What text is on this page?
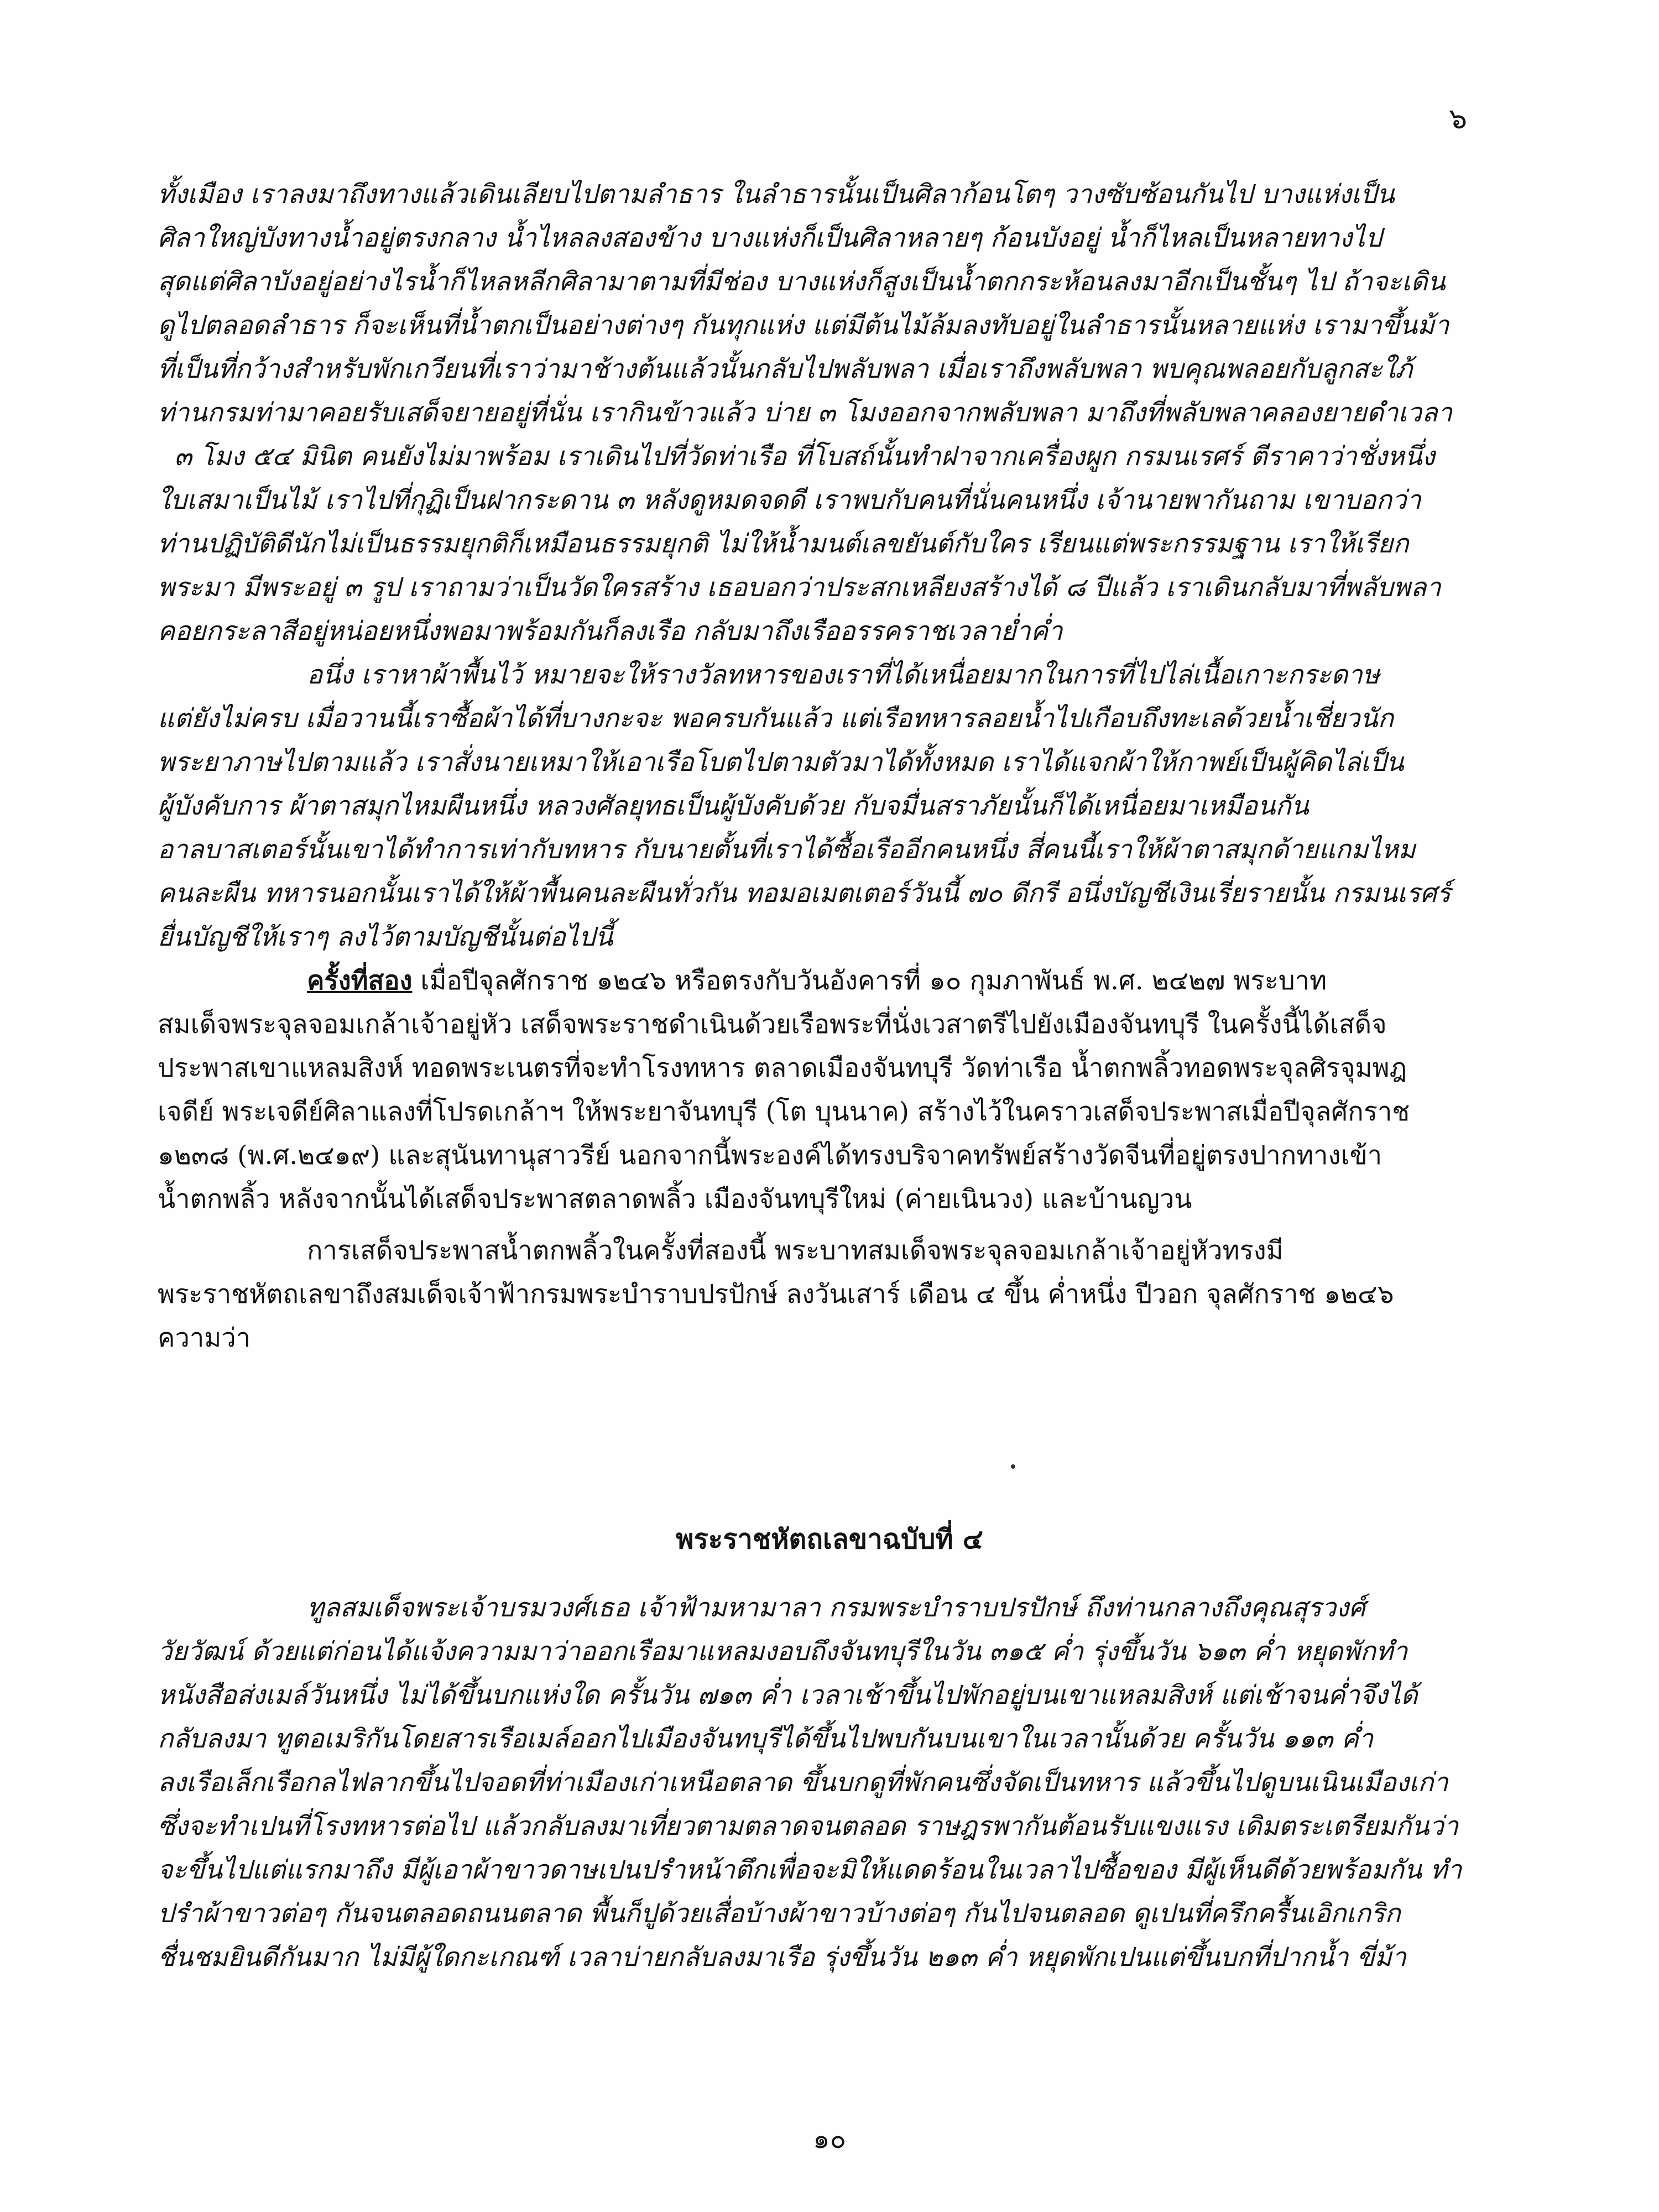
๖
ทั้งเมือง เราลงมาถึงทางแล้วเดินเลียบไปตามลำธาร ในลำธารนั้นเป็นศิลาก้อนโตๆ วางซับซ้อนกันไป บางแห่งเป็น
ศิลาใหญ่บังทางน้ำอยู่ตรงกลาง น้ำไหลลงสองข้าง บางแห่งก็เป็นศิลาหลายๆ ก้อนบังอยู่ น้ำก็ไหลเป็นหลายทางไป
สุดแต่ศิลาบังอยู่อย่างไรน้ำก็ไหลหลีกศิลามาตามที่มีช่อง บางแห่งก็สูงเป็นน้ำตกกระห้อนลงมาอีกเป็นชั้นๆ ไป ถ้าจะเดิน
ดูไปตลอดลำธาร ก็จะเห็นที่น้ำตกเป็นอย่างต่างๆ กันทุกแห่ง แต่มีต้นไม้ล้มลงทับอยู่ในลำธารนั้นหลายแห่ง เรามาขึ้นม้า
ที่เป็นที่กว้างสำหรับพักเกวียนที่เราว่ามาช้างต้นแล้วนั้นกลับไปพลับพลา เมื่อเราถึงพลับพลา พบคุณพลอยกับลูกสะใภ้
ท่านกรมท่ามาคอยรับเสด็จยายอยู่ที่นั่น เรากินข้าวแล้ว บ่าย ๓ โมงออกจากพลับพลา มาถึงที่พลับพลาคลองยายดำเวลา
๓ โมง ๕๔ มินิต คนยังไม่มาพร้อม เราเดินไปที่วัดท่าเรือ ที่โบสถ์นั้นทำฝาจากเครื่องผูก กรมนเรศร์ ตีราคาว่าชั่งหนึ่ง
ใบเสมาเป็นไม้ เราไปที่กุฏิเป็นฝากระดาน ๓ หลังดูหมดจดดี เราพบกับคนที่นั่นคนหนึ่ง เจ้านายพากันถาม เขาบอกว่า
ท่านปฏิบัติดีนักไม่เป็นธรรมยุกติก็เหมือนธรรมยุกติ ไม่ให้น้ำมนต์เลขยันต์กับใคร เรียนแต่พระกรรมฐาน เราให้เรียก
พระมา มีพระอยู่ ๓ รูป เราถามว่าเป็นวัดใครสร้าง เธอบอกว่าประสกเหลียงสร้างได้ ๘ ปีแล้ว เราเดินกลับมาที่พลับพลา
คอยกระลาสีอยู่หน่อยหนึ่งพอมาพร้อมกันก็ลงเรือ กลับมาถึงเรืออรรคราชเวลาย่ำค่ำ
อนึ่ง เราหาผ้าพื้นไว้ หมายจะให้รางวัลทหารของเราที่ได้เหนื่อยมากในการที่ไปไล่เนื้อเกาะกระดาษ
แต่ยังไม่ครบ เมื่อวานนี้เราซื้อผ้าได้ที่บางกะจะ พอครบกันแล้ว แต่เรือทหารลอยน้ำไปเกือบถึงทะเลด้วยน้ำเชี่ยวนัก
พระยาภาษไปตามแล้ว เราสั่งนายเหมาให้เอาเรือโบตไปตามตัวมาได้ทั้งหมด เราได้แจกผ้าให้กาพย์เป็นผู้คิดไล่เป็น
ผู้บังคับการ ผ้าตาสมุกไหมผืนหนึ่ง หลวงศัลยุทธเป็นผู้บังคับด้วย กับจมื่นสราภัยนั้นก็ได้เหนื่อยมาเหมือนกัน
อาลบาสเตอร์นั้นเขาได้ทำการเท่ากับทหาร กับนายตั้นที่เราได้ซื้อเรืออีกคนหนึ่ง สี่คนนี้เราให้ผ้าตาสมุกด้ายแกมไหม
คนละผืน ทหารนอกนั้นเราได้ให้ผ้าพื้นคนละผืนทั่วกัน ทอมอเมตเตอร์วันนี้ ๗๐ ดีกรี อนึ่งบัญชีเงินเรี่ยรายนั้น กรมนเรศร์
ยื่นบัญชีให้เราๆ ลงไว้ตามบัญชีนั้นต่อไปนี้
ครั้งที่สอง เมื่อปีจุลศักราช ๑๒๔๖ หรือตรงกับวันอังคารที่ ๑๐ กุมภาพันธ์ พ.ศ. ๒๔๒๗ พระบาท
สมเด็จพระจุลจอมเกล้าเจ้าอยู่หัว เสด็จพระราชดำเนินด้วยเรือพระที่นั่งเวสาตรีไปยังเมืองจันทบุรี ในครั้งนี้ได้เสด็จ
ประพาสเขาแหลมสิงห์ ทอดพระเนตรที่จะทำโรงทหาร ตลาดเมืองจันทบุรี วัดท่าเรือ น้ำตกพลิ้วทอดพระจุลศิรจุมพฎ
เจดีย์ พระเจดีย์ศิลาแลงที่โปรดเกล้าฯ ให้พระยาจันทบุรี (โต บุนนาค) สร้างไว้ในคราวเสด็จประพาสเมื่อปีจุลศักราช
๑๒๓๘ (พ.ศ.๒๔๑๙) และสุนันทานุสาวรีย์ นอกจากนี้พระองค์ได้ทรงบริจาคทรัพย์สร้างวัดจีนที่อยู่ตรงปากทางเข้า
น้ำตกพลิ้ว หลังจากนั้นได้เสด็จประพาสตลาดพลิ้ว เมืองจันทบุรีใหม่ (ค่ายเนินวง) และบ้านญวน
การเสด็จประพาสน้ำตกพลิ้วในครั้งที่สองนี้ พระบาทสมเด็จพระจุลจอมเกล้าเจ้าอยู่หัวทรงมี
พระราชหัตถเลขาถึงสมเด็จเจ้าฟ้ากรมพระบำราบปรปักษ์ ลงวันเสาร์ เดือน ๔ ขึ้น ค่ำหนึ่ง ปีวอก จุลศักราช ๑๒๔๖
ความว่า
พระราชหัตถเลขาฉบับที่ ๔
ทูลสมเด็จพระเจ้าบรมวงศ์เธอ เจ้าฟ้ามหามาลา กรมพระบำราบปรปักษ์ ถึงท่านกลางถึงคุณสุรวงศ์
วัยวัฒน์ ด้วยแต่ก่อนได้แจ้งความมาว่าออกเรือมาแหลมงอบถึงจันทบุรีในวัน ๓๑๕ ค่ำ รุ่งขึ้นวัน ๖๑๓ ค่ำ หยุดพักทำ
หนังสือส่งเมล์วันหนึ่ง ไม่ได้ขึ้นบกแห่งใด ครั้นวัน ๗๑๓ ค่ำ เวลาเช้าขึ้นไปพักอยู่บนเขาแหลมสิงห์ แต่เช้าจนค่ำจึงได้
กลับลงมา ทูตอเมริกันโดยสารเรือเมล์ออกไปเมืองจันทบุรีได้ขึ้นไปพบกันบนเขาในเวลานั้นด้วย ครั้นวัน ๑๑๓ ค่ำ
ลงเรือเล็กเรือกลไฟลากขึ้นไปจอดที่ท่าเมืองเก่าเหนือตลาด ขึ้นบกดูที่พักคนซึ่งจัดเป็นทหาร แล้วขึ้นไปดูบนเนินเมืองเก่า
ซึ่งจะทำเปนที่โรงทหารต่อไป แล้วกลับลงมาเที่ยวตามตลาดจนตลอด ราษฎรพากันต้อนรับแขงแรง เดิมตระเตรียมกันว่า
จะขึ้นไปแต่แรกมาถึง มีผู้เอาผ้าขาวดาษเปนปรำหน้าตึกเพื่อจะมิให้แดดร้อนในเวลาไปซื้อของ มีผู้เห็นดีด้วยพร้อมกัน ทำ
ปรำผ้าขาวต่อๆ กันจนตลอดถนนตลาด พื้นก็ปูด้วยเสื่อบ้างผ้าขาวบ้างต่อๆ กันไปจนตลอด ดูเปนที่ครึกครื้นเอิกเกริก
ชื่นชมยินดีกันมาก ไม่มีผู้ใดกะเกณฑ์ เวลาบ่ายกลับลงมาเรือ รุ่งขึ้นวัน ๒๑๓ ค่ำ หยุดพักเปนแต่ขึ้นบกที่ปากน้ำ ขี่ม้า
๑๐
